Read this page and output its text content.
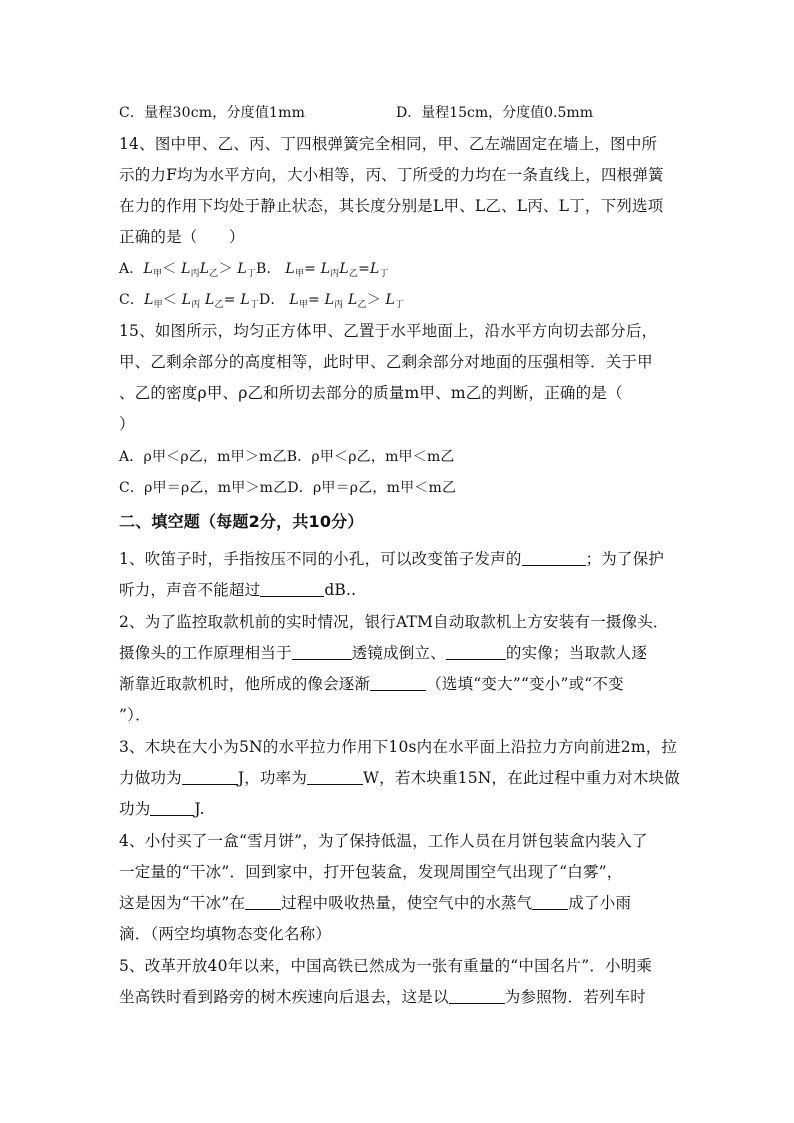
C．量程30cm，分度值1mm	D．量程15cm，分度值0.5mm
14、图中甲、乙、丙、丁四根弹簧完全相同，甲、乙左端固定在墙上，图中所
示的力F均为水平方向，大小相等，丙、丁所受的力均在一条直线上，四根弹簧
在力的作用下均处于静止状态，其长度分别是L甲、L乙、L丙、L丁，下列选项
正确的是（　　）
A．$L_甲< L_丙L_乙> L_丁B$． $L_甲= L_丙L_乙=L_丁$
C．$L_甲< L_丙$ $L_乙= L_丁D$． $L_甲= L_丙$ $L_乙> L_丁$
15、如图所示，均匀正方体甲、乙置于水平地面上，沿水平方向切去部分后，
甲、乙剩余部分的高度相等，此时甲、乙剩余部分对地面的压强相等．关于甲
、乙的密度ρ甲、ρ乙和所切去部分的质量m甲、m乙的判断，正确的是（
）
A．ρ甲＜ρ乙，m甲＞m乙B．ρ甲＜ρ乙，m甲＜m乙
C．ρ甲＝ρ乙，m甲＞m乙D．ρ甲＝ρ乙，m甲＜m乙
二、填空题（每题2分，共10分）
1、吹笛子时，手指按压不同的小孔，可以改变笛子发声的	；为了保护
听力，声音不能超过	dB..
2、为了监控取款机前的实时情况，银行ATM自动取款机上方安装有一摄像头．
摄像头的工作原理相当于	透镜成倒立、	的实像；当取款人逐
渐靠近取款机时，他所成的像会逐渐	（选填“变大”“变小”或“不变
”）．
3、木块在大小为5N的水平拉力作用下10s内在水平面上沿拉力方向前进2m，拉
力做功为	J，功率为	W，若木块重15N，在此过程中重力对木块做
功为	J.
4、小付买了一盒“雪月饼”，为了保持低温，工作人员在月饼包装盒内装入了
一定量的“干冰”．回到家中，打开包装盒，发现周围空气出现了“白雾”，
这是因为“干冰”在 过程中吸收热量，使空气中的水蒸气 成了小雨
滴．（两空均填物态变化名称）
5、改革开放40年以来，中国高铁已然成为一张有重量的“中国名片”．小明乘
坐高铁时看到路旁的树木疾速向后退去，这是以	为参照物．若列车时
